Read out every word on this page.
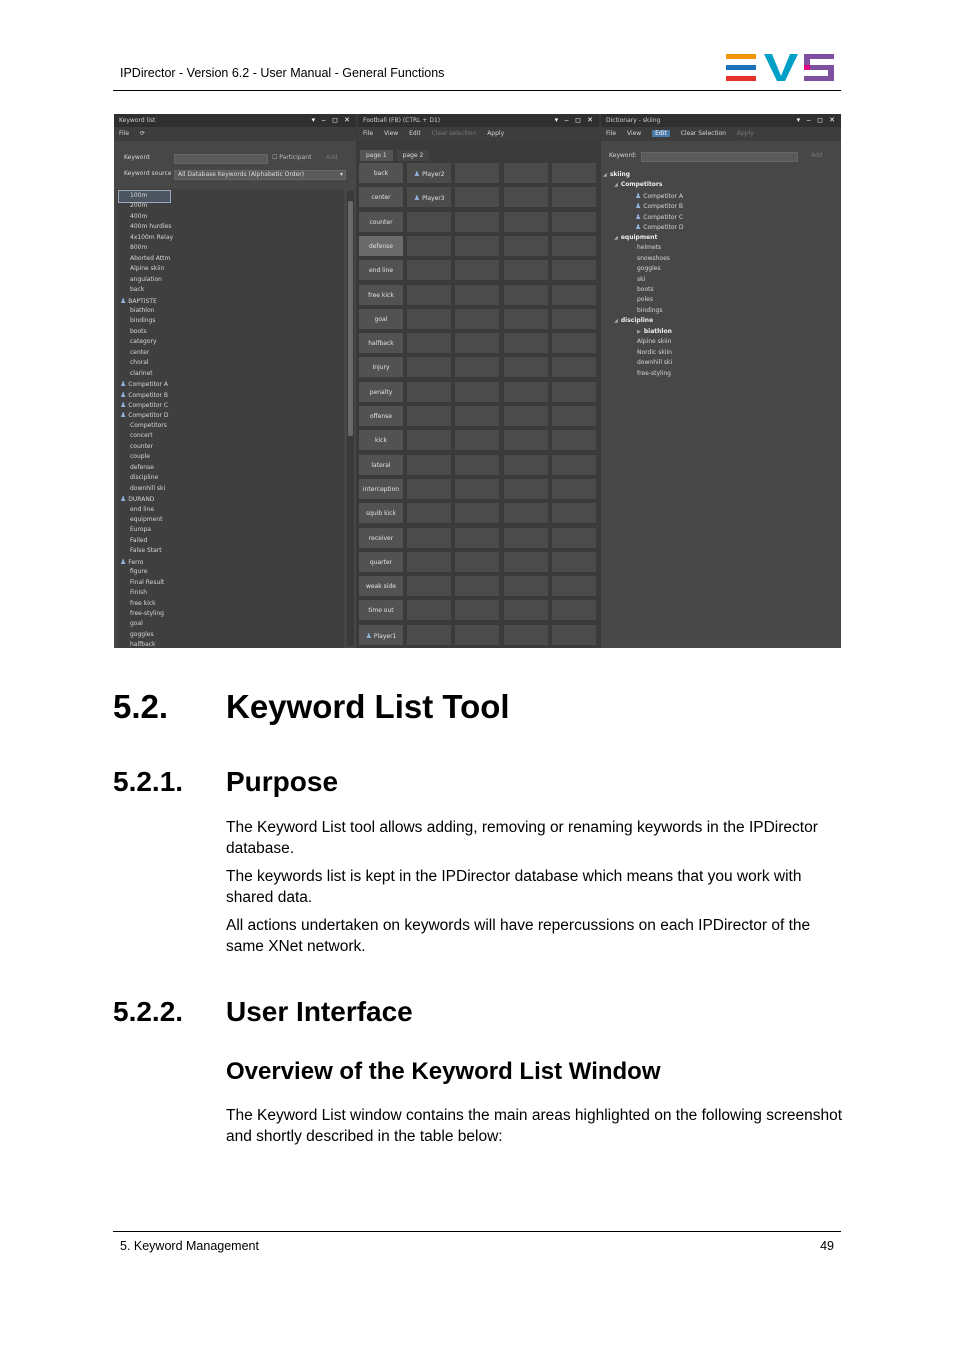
IPDirector - Version 6.2 - User Manual - General Functions
Keyword list	▾ ‒ ◻ ✕
File ⟳
Keyword	☐ Participant Add
Keyword source All Database Keywords (Alphabetic Order)	▾
100m
200m
400m
400m hurdles
4x100m Relay
800m
Aborted Attm
Alpine skiin
angulation
back
♟ BAPTISTE
biathlon
bindings
boots
category
center
choral
clarinet
♟ Competitor A
♟ Competitor B
♟ Competitor C
♟ Competitor D
Competitors
concert
counter
couple
defense
discipline
downhill ski
♟ DURAND
end line
equipment
Europa
Failed
False Start
♟ Ferro
figure
Final Result
Finish
free kick
free-styling
goal
goggles
halfback
Football (FB) (CTRL + D1)	▾ ‒ ◻ ✕
File View Edit Clear selection Apply
page 1	page 2
back	♟ Player2
center	♟ Player3
counter
defense
end line
free kick
goal
halfback
Injury
penalty
offense
kick
lateral
interception
squib kick
receiver
quarter
weak side
time out
♟ Player1
Dictionary - skiing	▾ ‒ ◻ ✕
File View Edit Clear Selection Apply
Keyword:	Add
◢ skiing
◢ Competitors
♟ Competitor A
♟ Competitor B
♟ Competitor C
♟ Competitor D
◢ equipment
helmets
snowshoes
goggles
ski
boots
poles
bindings
◢ discipline
▶ biathlon
Alpine skiin
Nordic skiin
downhill ski
free-styling
5.2. Keyword List Tool
5.2.1. Purpose

The Keyword List tool allows adding, removing or renaming keywords in the IPDirector database.

The keywords list is kept in the IPDirector database which means that you work with shared data.

All actions undertaken on keywords will have repercussions on each IPDirector of the same XNet network.

5.2.2. User Interface
Overview of the Keyword List Window

The Keyword List window contains the main areas highlighted on the following screenshot and shortly described in the table below:

5. Keyword Management	49
